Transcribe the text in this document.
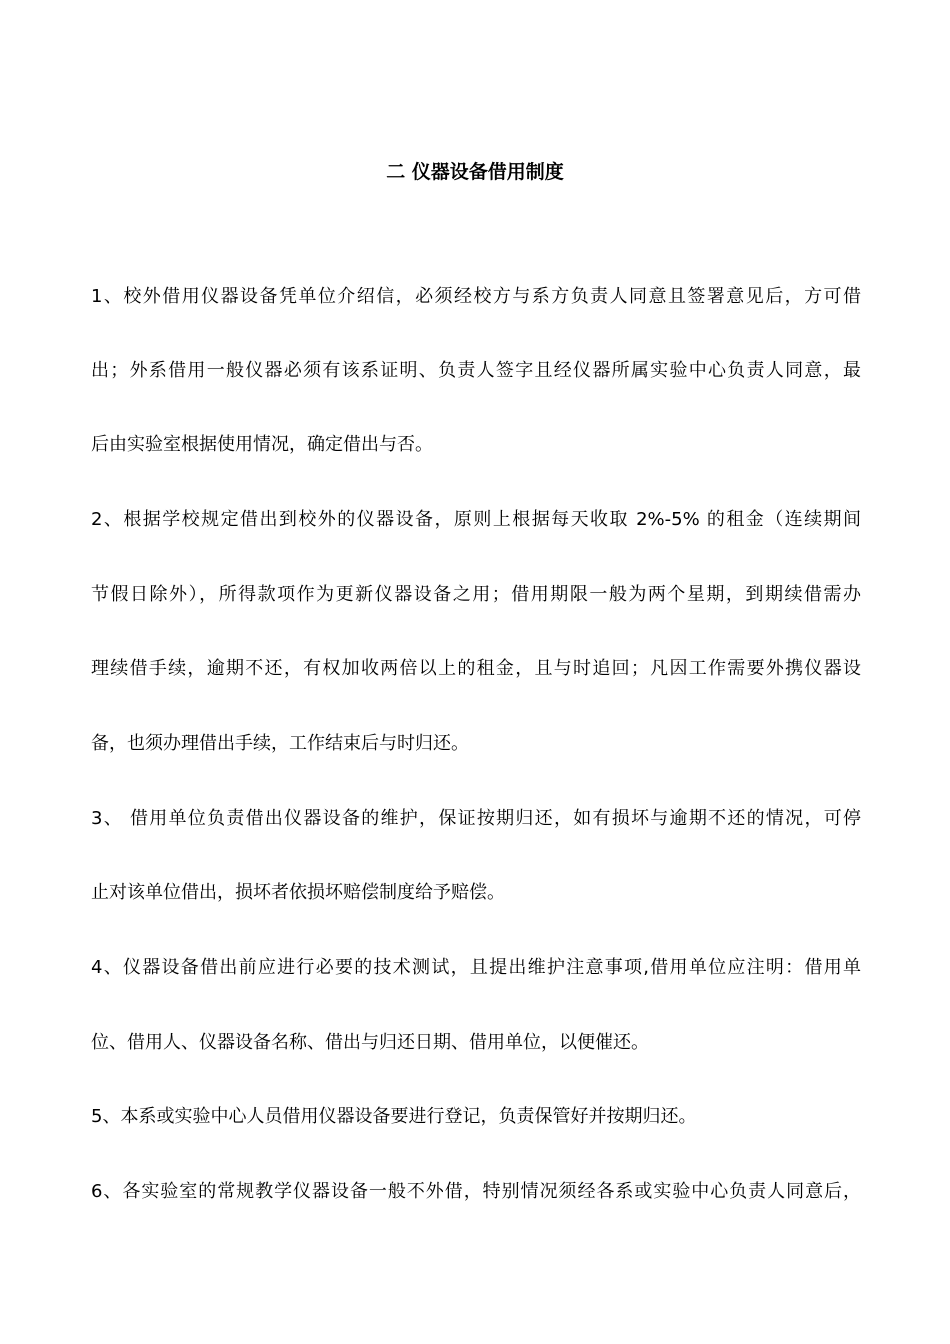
二 仪器设备借用制度
1、校外借用仪器设备凭单位介绍信，必须经校方与系方负责人同意且签署意见后，方可借
出；外系借用一般仪器必须有该系证明、负责人签字且经仪器所属实验中心负责人同意，最
后由实验室根据使用情况，确定借出与否。
2、根据学校规定借出到校外的仪器设备，原则上根据每天收取 2%-5% 的租金（连续期间
节假日除外），所得款项作为更新仪器设备之用；借用期限一般为两个星期，到期续借需办
理续借手续，逾期不还，有权加收两倍以上的租金，且与时追回；凡因工作需要外携仪器设
备，也须办理借出手续，工作结束后与时归还。
3、 借用单位负责借出仪器设备的维护，保证按期归还，如有损坏与逾期不还的情况，可停
止对该单位借出，损坏者依损坏赔偿制度给予赔偿。
4、仪器设备借出前应进行必要的技术测试，且提出维护注意事项,借用单位应注明：借用单
位、借用人、仪器设备名称、借出与归还日期、借用单位，以便催还。
5、本系或实验中心人员借用仪器设备要进行登记，负责保管好并按期归还。
6、各实验室的常规教学仪器设备一般不外借，特别情况须经各系或实验中心负责人同意后，
